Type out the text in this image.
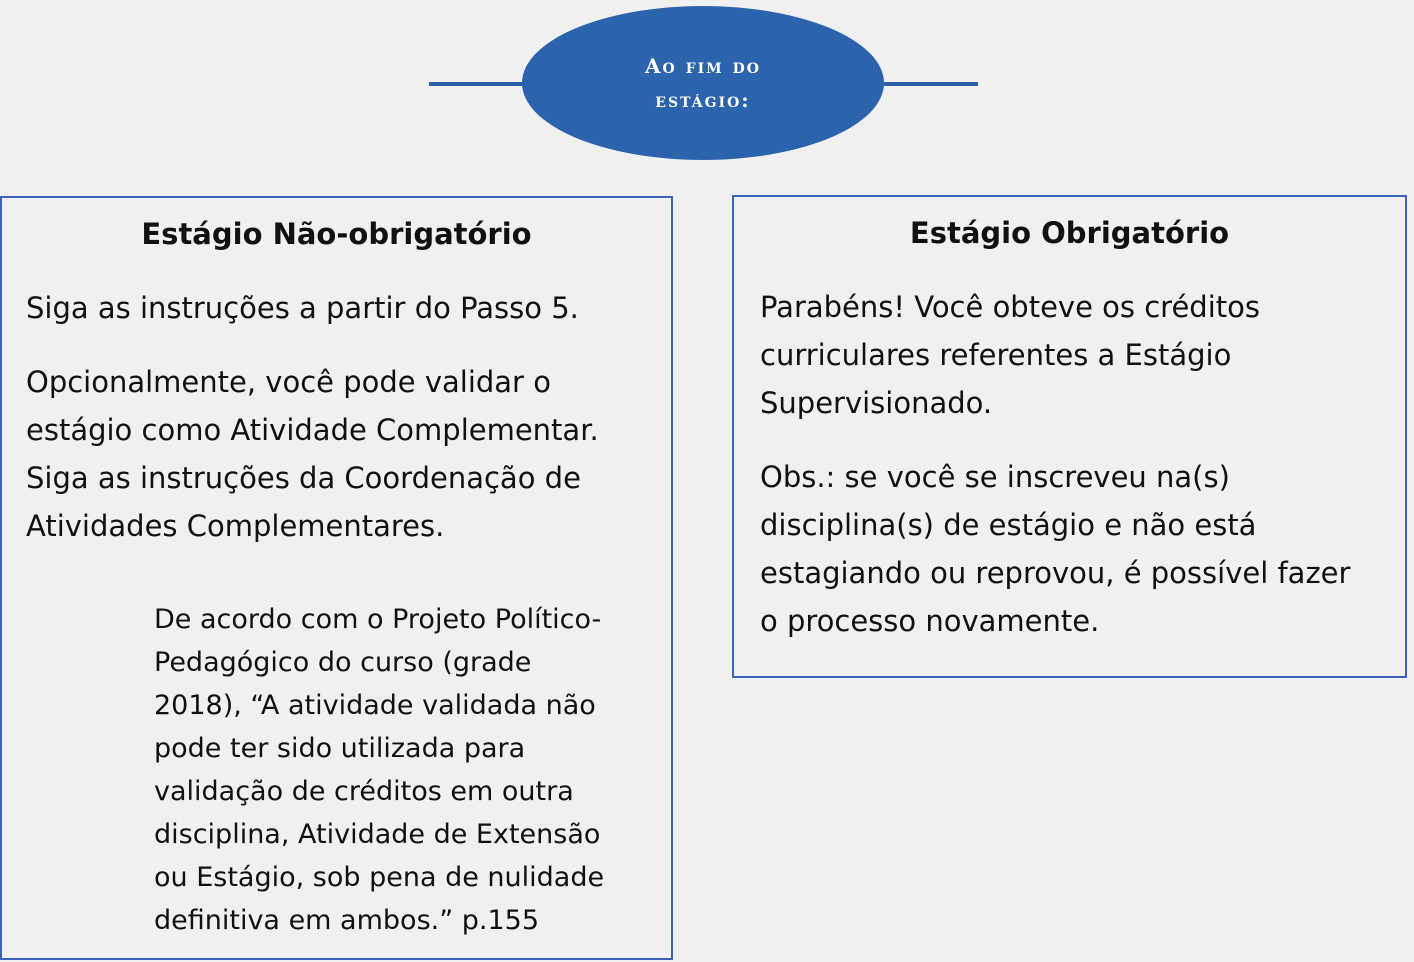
Ao fim do estágio:
Estágio Não-obrigatório
Siga as instruções a partir do Passo 5.
Opcionalmente, você pode validar o
estágio como Atividade Complementar.
Siga as instruções da Coordenação de
Atividades Complementares.
De acordo com o Projeto Político-
Pedagógico do curso (grade
2018), “A atividade validada não
pode ter sido utilizada para
validação de créditos em outra
disciplina, Atividade de Extensão
ou Estágio, sob pena de nulidade
definitiva em ambos.” p.155
Estágio Obrigatório
Parabéns! Você obteve os créditos
curriculares referentes a Estágio
Supervisionado.
Obs.: se você se inscreveu na(s)
disciplina(s) de estágio e não está
estagiando ou reprovou, é possível fazer
o processo novamente.
